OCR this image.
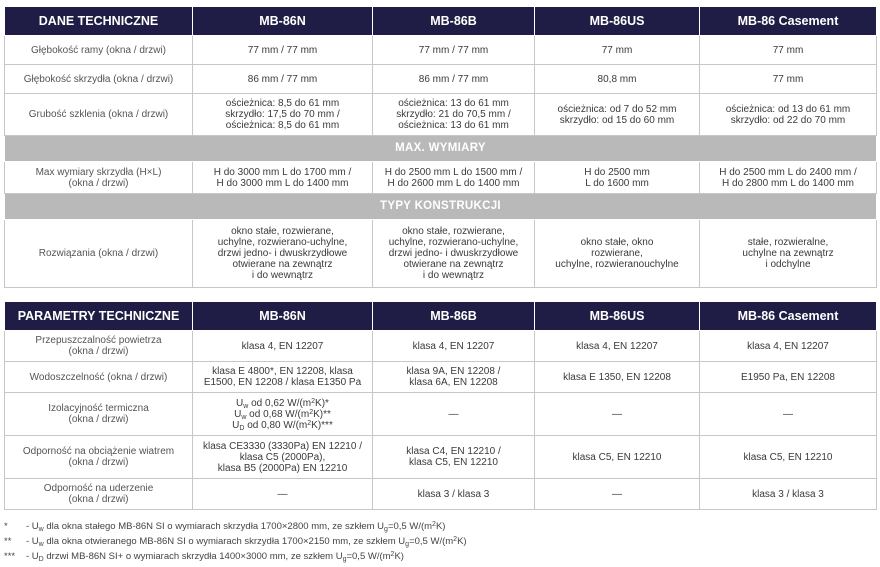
DANE TECHNICZNE	MB-86N	MB-86B	MB-86US	MB-86 Casement
Głębokość ramy (okna / drzwi)	77 mm / 77 mm	77 mm / 77 mm	77 mm	77 mm

Głębokość skrzydła (okna / drzwi)	86 mm / 77 mm	86 mm / 77 mm	80,8 mm	77 mm

Grubość szklenia (okna / drzwi)	ościeżnica: 8,5 do 61 mm
skrzydło: 17,5 do 70 mm /
ościeżnica: 8,5 do 61 mm	ościeżnica: 13 do 61 mm
skrzydło: 21 do 70,5 mm /
ościeżnica: 13 do 61 mm	ościeżnica: od 7 do 52 mm
skrzydło: od 15 do 60 mm	ościeżnica: od 13 do 61 mm
skrzydło: od 22 do 70 mm

MAX. WYMIARY				

Max wymiary skrzydła (H×L)
(okna / drzwi)	H do 3000 mm L do 1700 mm /
H do 3000 mm L do 1400 mm	H do 2500 mm L do 1500 mm /
H do 2600 mm L do 1400 mm	H do 2500 mm
L do 1600 mm	H do 2500 mm L do 2400 mm /
H do 2800 mm L do 1400 mm

TYPY KONSTRUKCJI				
Rozwiązania (okna / drzwi)	okno stałe, rozwierane,
uchylne, rozwierano-uchylne,
drzwi jedno- i dwuskrzydłowe
otwierane na zewnątrz
i do wewnątrz	okno stałe, rozwierane,
uchylne, rozwierano-uchylne,
drzwi jedno- i dwuskrzydłowe
otwierane na zewnątrz
i do wewnątrz	okno stałe, okno
rozwierane,
uchylne, rozwieranouchylne	stałe, rozwieralne,
uchylne na zewnątrz
i odchylne
PARAMETRY TECHNICZNE	MB-86N	MB-86B	MB-86US	MB-86 Casement

Przepuszczalność powietrza
(okna / drzwi)	klasa 4, EN 12207	klasa 4, EN 12207	klasa 4, EN 12207	klasa 4, EN 12207

Wodoszczelność (okna / drzwi)	klasa E 4800*, EN 12208, klasa
E1500, EN 12208 / klasa E1350 Pa	klasa 9A, EN 12208 /
klasa 6A, EN 12208	klasa E 1350, EN 12208	E1950 Pa, EN 12208

Izolacyjność termiczna
(okna / drzwi)	$U_w$ od 0,62 $W/(m^2K)*$
$U_w$ od 0,68 $W/(m^2K)**$
$U_D$ od 0,80 $W/(m^2K)***$	—	—	—

Odporność na obciążenie wiatrem
(okna / drzwi)	klasa CE3330 (3330Pa) EN 12210 /
klasa C5 (2000Pa),
klasa B5 (2000Pa) EN 12210	klasa C4, EN 12210 /
klasa C5, EN 12210	klasa C5, EN 12210	klasa C5, EN 12210

Odporność na uderzenie
(okna / drzwi)	—	klasa 3 / klasa 3	—	klasa 3 / klasa 3
* - $U_w$ dla okna stałego MB-86N SI o wymiarach skrzydła 1700×2800 mm, ze szkłem $U_g=0,5$ $W/(m^2K)$
** - $U_w$ dla okna otwieranego MB-86N SI o wymiarach skrzydła 1700×2150 mm, ze szkłem $U_g=0,5$ $W/(m^2K)$
*** - $U_D$ drzwi MB-86N SI+ o wymiarach skrzydła 1400×3000 mm, ze szkłem $U_g=0,5$ $W/(m^2K)$
